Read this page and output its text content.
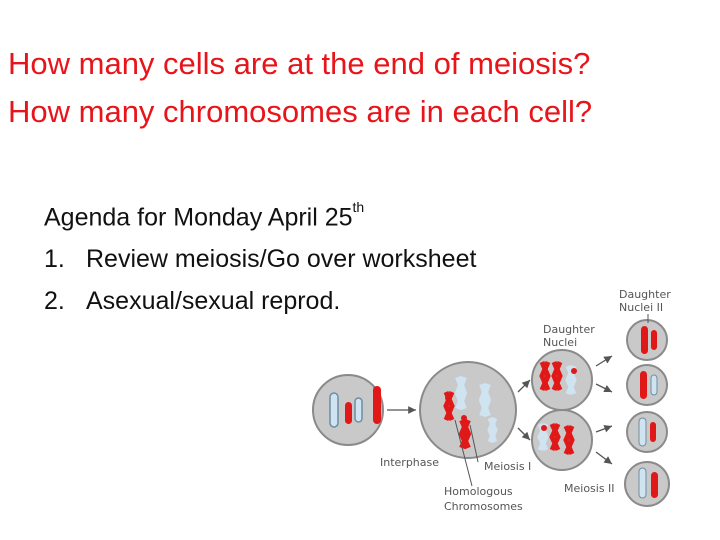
How many cells are at the end of meiosis?
How many chromosomes are in each cell?
Agenda for Monday April 25th
1. Review meiosis/Go over worksheet
2. Asexual/sexual reprod.
Interphase	Meiosis I
Meiosis II
Homologous
Chromosomes
Daughter
Nuclei
Daughter
Nuclei II
